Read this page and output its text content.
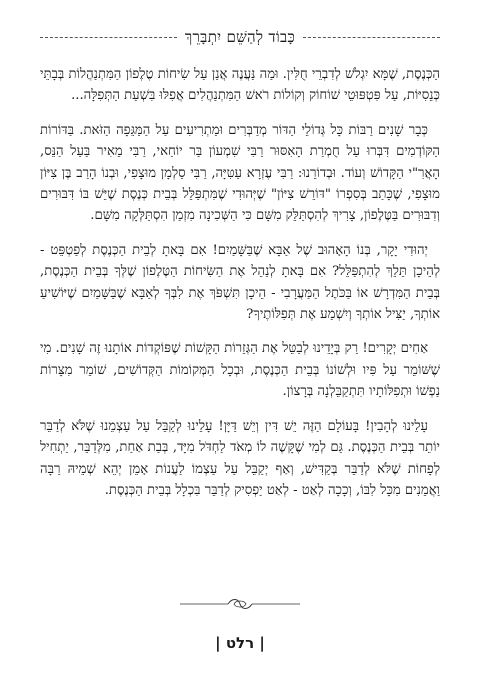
כָּבוֹד לְהַשֵּׁם יִתְבָּרֵךְ

הַכְּנֶסֶת, שֶׁמָּא יִגְלֹשׁ לְדִבְרֵי חֻלִּין. וּמַה נַּעֲנֶה אֲנַן עַל שִׂיחוֹת טֶלֶפוֹן הַמִּתְנַהֲלוֹת בְּבָתֵּי כְּנֵסִיּוֹת, עַל פִּטְפּוּטֵי שׁוֹחוֹק וְקוֹלוֹת רֹאשׁ הַמִּתְנַהֲלִים אֲפִלּוּ בִּשְׁעַת הַתְּפִלָּה...

כְּבָר שָׁנִים רַבּוֹת כָּל גְּדוֹלֵי הַדּוֹר מְדַבְּרִים וּמַתְרִיעִים עַל הַמַּגֵּפָה הַזֹּאת. בַּדּוֹרוֹת הַקּוֹדְמִים דִּבְּרוּ עַל חֻמְרַת הָאִסּוּר רַבִּי שִׁמְעוֹן בַּר יוֹחַאי, רַבִּי מֵאִיר בַּעַל הַנֵּס, הָאֲרִ"י הַקָּדוֹשׁ וְעוֹד. וּבְדוֹרֵנוּ: רַבִּי עֶזְרָא עַטִּיָּה, רַבִּי סַלְמָן מוּצָפִי, וּבְנוֹ הָרַב בֶּן צִיּוֹן מוּצָפִי, שֶׁכָּתַב בְּסִפְרוֹ "דּוֹרֵשׁ צִיּוֹן" שֶׁיְּהוּדִי שֶׁמִּתְפַּלֵּל בְּבֵית כְּנֶסֶת שֶׁיֵּשׁ בּוֹ דִּבּוּרִים וְדִבּוּרִים בַּטֶּלֶפוֹן, צָרִיךְ לְהִסְתַּלֵּק מִשָּׁם כִּי הַשְּׁכִינָה מִזְמַן הִסְתַּלְּקָה מִשָּׁם.

יְהוּדִי יָקָר, בְּנוֹ הָאָהוּב שֶׁל אַבָּא שֶׁבַּשָּׁמַיִם! אִם בָּאתָ לְבֵית הַכְּנֶסֶת לְפַטְפֵּט - לְהֵיכָן תֵּלֵךְ לְהִתְפַּלֵּל? אִם בָּאתָ לְנַהֵל אֶת הַשִּׂיחוֹת הַטֶּלֶפוֹן שֶׁלְּךָ בְּבֵית הַכְּנֶסֶת, בְּבֵית הַמִּדְרָשׁ אוֹ בַּכֹּתֶל הַמַּעֲרָבִי - הֵיכָן תִּשְׁפֹּךְ אֶת לִבְּךָ לְאַבָּא שֶׁבַּשָּׁמַיִם שֶׁיּוֹשִׁיעַ אוֹתְךָ, יַצִּיל אוֹתְךָ וְיִשְׁמַע אֶת תְּפִלּוֹתֶיךָ?

אַחִים יְקָרִים! רַק בְּיָדֵינוּ לְבַטֵּל אֶת הַגְּזֵרוֹת הַקָּשׁוֹת שֶׁפּוֹקְדוֹת אוֹתָנוּ זֶה שָׁנִים. מִי שֶׁשּׁוֹמֵר עַל פִּיו וּלְשׁוֹנוֹ בְּבֵית הַכְּנֶסֶת, וּבְכָל הַמְּקוֹמוֹת הַקְּדוֹשִׁים, שׁוֹמֵר מִצָּרוֹת נַפְשׁוֹ וּתְפִלּוֹתָיו תִּתְקַבֵּלְנָה בְּרָצוֹן.

עָלֵינוּ לְהָבִין! בָּעוֹלָם הַזֶּה יֵשׁ דִּין וְיֵשׁ דַּיָּן! עָלֵינוּ לְקַבֵּל עַל עַצְמֵנוּ שֶׁלֹּא לְדַבֵּר יוֹתֵר בְּבֵית הַכְּנֶסֶת. גַּם לְמִי שֶׁקָּשֶׁה לוֹ מְאֹד לַחְדֹּל מִיָּד, בְּבַת אַחַת, מִלְּדַבֵּר, יַתְחִיל לְפָחוֹת שֶׁלֹּא לְדַבֵּר בְּקַדִּישׁ, וְאַף יְקַבֵּל עַל עַצְמוֹ לַעֲנוֹת אָמֵן יְהֵא שְׁמֵיהּ רַבָּה וַאֲמֵנִים מִכָּל לִבּוֹ, וְכָכָה לְאַט - לְאַט יַפְסִיק לְדַבֵּר בִּכְלָל בְּבֵית הַכְּנֶסֶת.

| רלט |
